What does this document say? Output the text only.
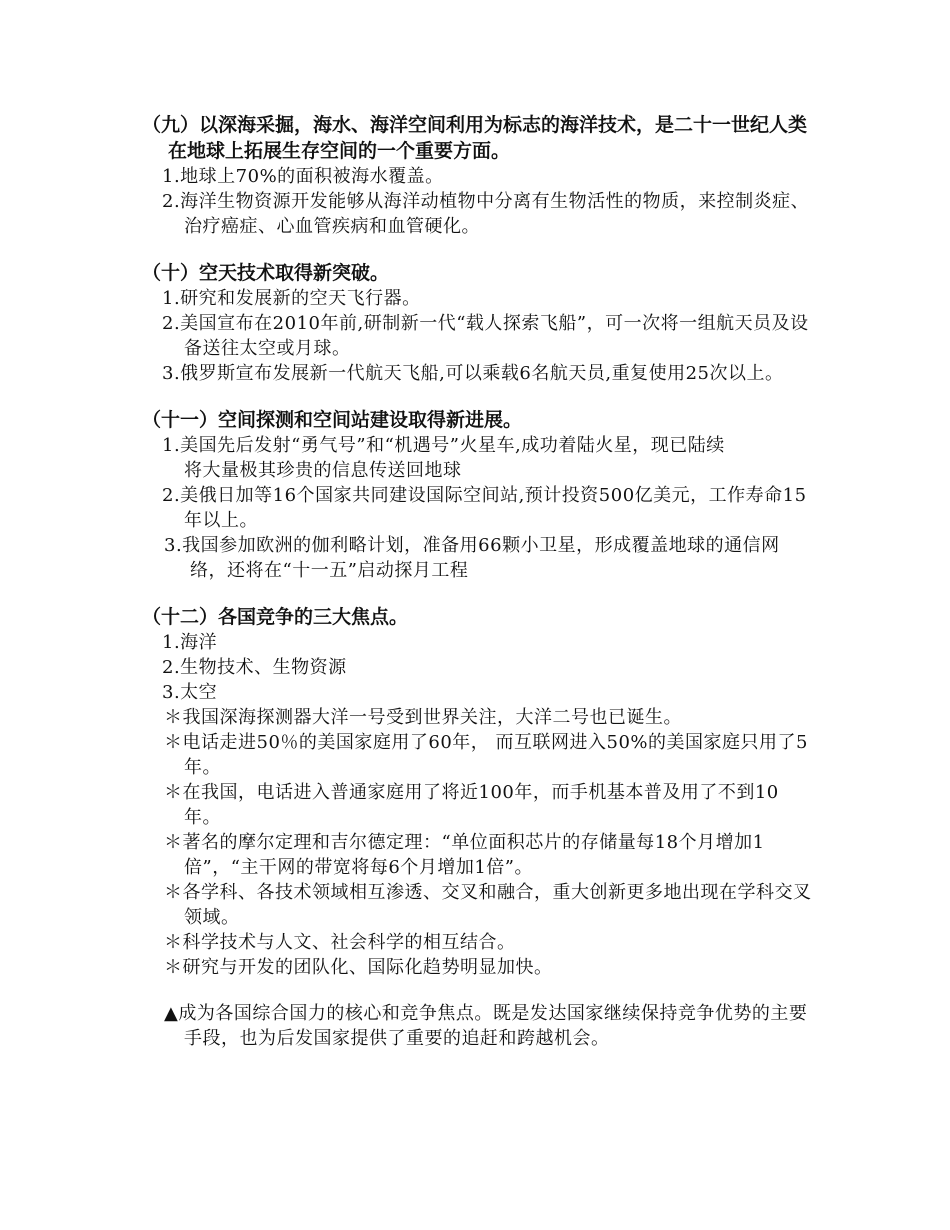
（九）以深海采掘，海水、海洋空间利用为标志的海洋技术，是二十一世纪人类在地球上拓展生存空间的一个重要方面。

1.地球上70%的面积被海水覆盖。

2.海洋生物资源开发能够从海洋动植物中分离有生物活性的物质，来控制炎症、治疗癌症、心血管疾病和血管硬化。

（十）空天技术取得新突破。

1.研究和发展新的空天飞行器。

2.美国宣布在2010年前,研制新一代“载人探索飞船”，可一次将一组航天员及设备送往太空或月球。

3.俄罗斯宣布发展新一代航天飞船,可以乘载6名航天员,重复使用25次以上。

（十一）空间探测和空间站建设取得新进展。

1.美国先后发射“勇气号”和“机遇号”火星车,成功着陆火星，现已陆续
将大量极其珍贵的信息传送回地球

2.美俄日加等16个国家共同建设国际空间站,预计投资500亿美元，工作寿命15年以上。

3.我国参加欧洲的伽利略计划，准备用66颗小卫星，形成覆盖地球的通信网络，还将在“十一五”启动探月工程

（十二）各国竞争的三大焦点。

1.海洋

2.生物技术、生物资源

3.太空

＊我国深海探测器大洋一号受到世界关注，大洋二号也已诞生。

＊电话走进50％的美国家庭用了60年， 而互联网进入50%的美国家庭只用了5年。

＊在我国，电话进入普通家庭用了将近100年，而手机基本普及用了不到10年。

＊著名的摩尔定理和吉尔德定理：“单位面积芯片的存储量每18个月增加1倍”，“主干网的带宽将每6个月增加1倍”。

＊各学科、各技术领域相互渗透、交叉和融合，重大创新更多地出现在学科交叉领域。

＊科学技术与人文、社会科学的相互结合。

＊研究与开发的团队化、国际化趋势明显加快。

▲成为各国综合国力的核心和竞争焦点。既是发达国家继续保持竞争优势的主要手段，也为后发国家提供了重要的追赶和跨越机会。
